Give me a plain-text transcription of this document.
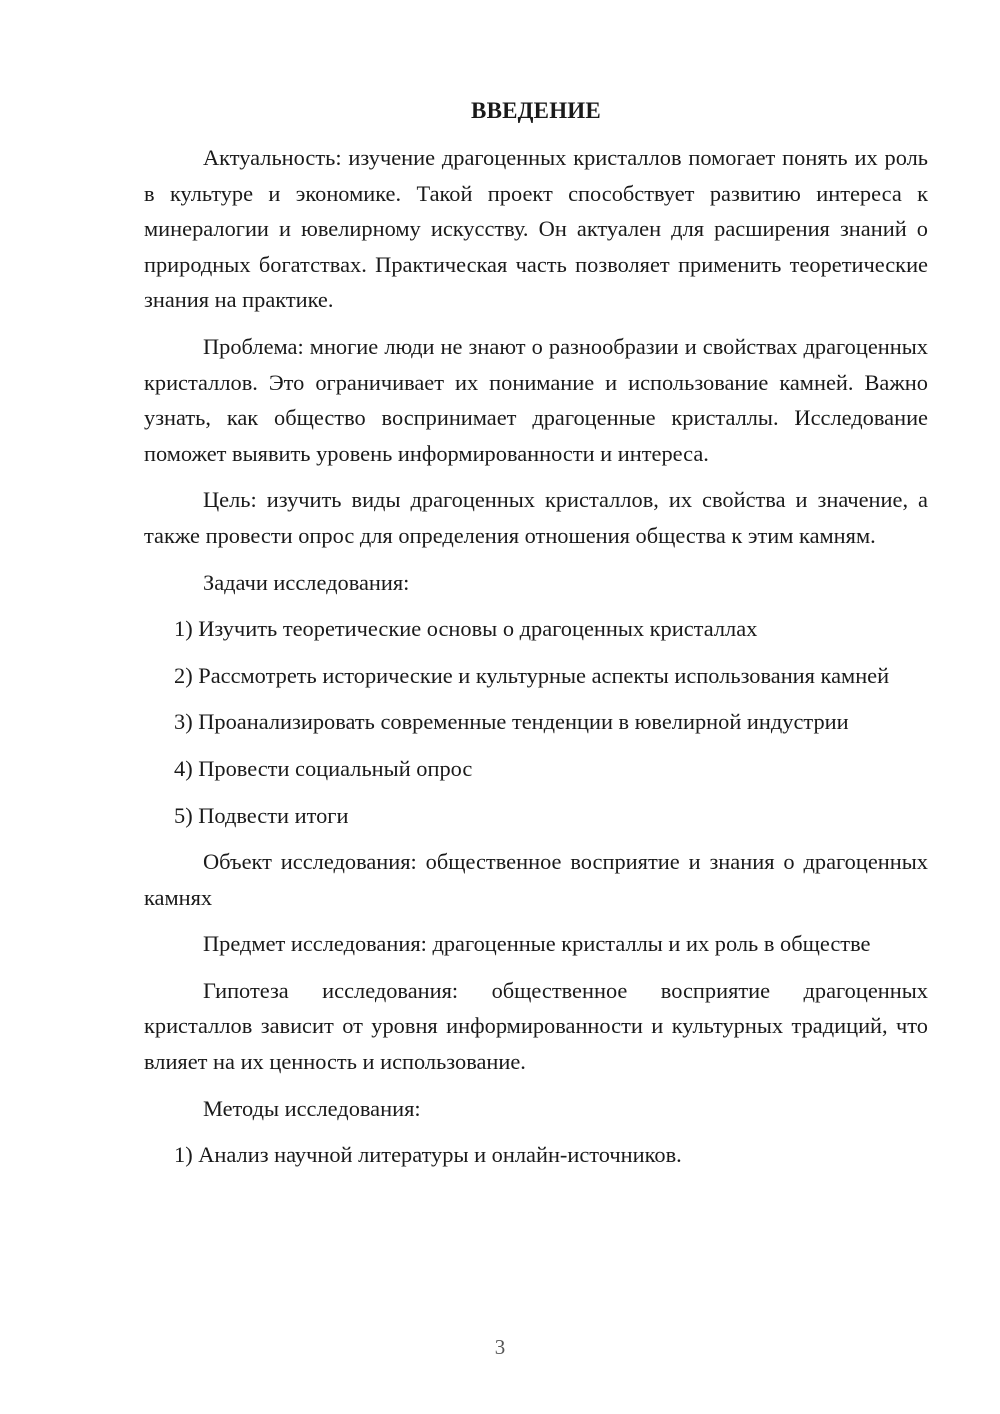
ВВЕДЕНИЕ

Актуальность: изучение драгоценных кристаллов помогает понять их роль в культуре и экономике. Такой проект способствует развитию интереса к минералогии и ювелирному искусству. Он актуален для расширения знаний о природных богатствах. Практическая часть позволяет применить теоретические знания на практике.

Проблема: многие люди не знают о разнообразии и свойствах драгоценных кристаллов. Это ограничивает их понимание и использование камней. Важно узнать, как общество воспринимает драгоценные кристаллы. Исследование поможет выявить уровень информированности и интереса.

Цель: изучить виды драгоценных кристаллов, их свойства и значение, а также провести опрос для определения отношения общества к этим камням.

Задачи исследования:

1) Изучить теоретические основы о драгоценных кристаллах

2) Рассмотреть исторические и культурные аспекты использования камней

3) Проанализировать современные тенденции в ювелирной индустрии

4) Провести социальный опрос

5) Подвести итоги

Объект исследования: общественное восприятие и знания о драгоценных камнях

Предмет исследования: драгоценные кристаллы и их роль в обществе

Гипотеза исследования: общественное восприятие драгоценных кристаллов зависит от уровня информированности и культурных традиций, что влияет на их ценность и использование.

Методы исследования:

1) Анализ научной литературы и онлайн-источников.

3
